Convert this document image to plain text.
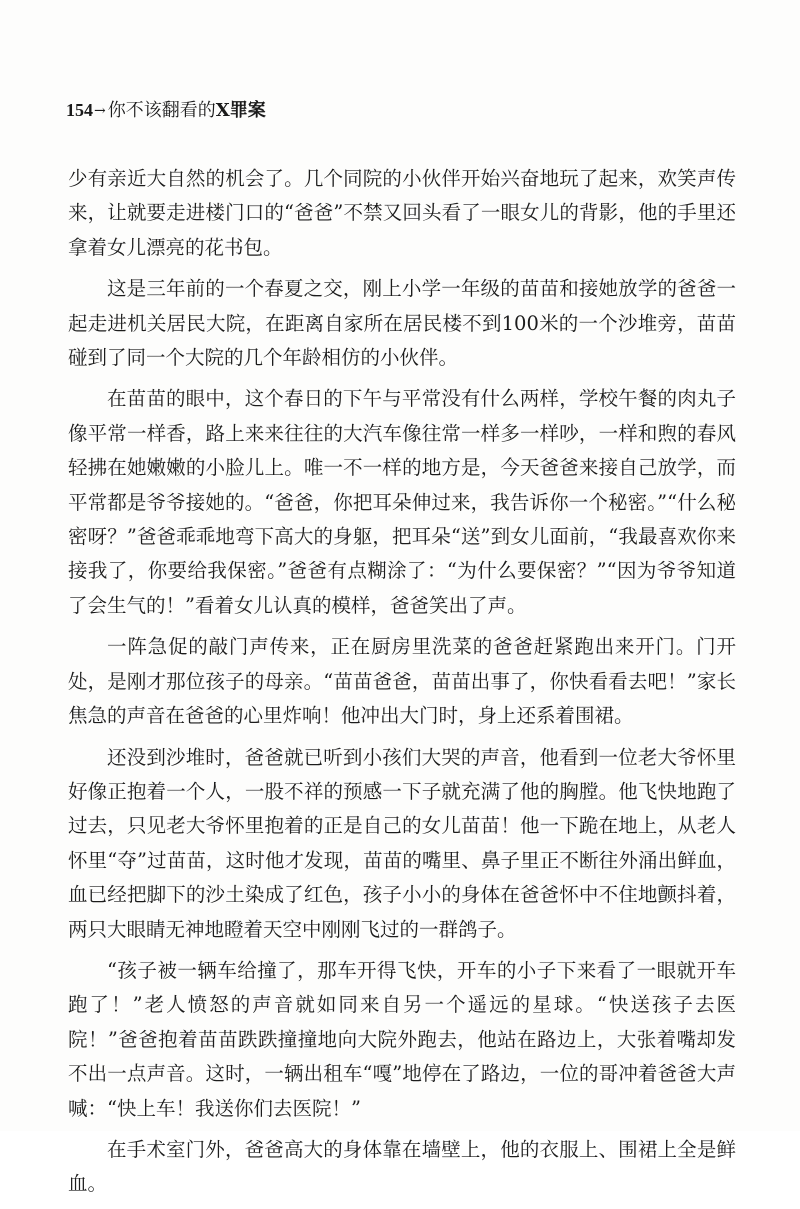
154→ 你不该翻看的X罪案

少有亲近大自然的机会了。几个同院的小伙伴开始兴奋地玩了起来，欢笑声传来，让就要走进楼门口的“爸爸”不禁又回头看了一眼女儿的背影，他的手里还拿着女儿漂亮的花书包。

这是三年前的一个春夏之交，刚上小学一年级的苗苗和接她放学的爸爸一起走进机关居民大院，在距离自家所在居民楼不到100米的一个沙堆旁，苗苗碰到了同一个大院的几个年龄相仿的小伙伴。

在苗苗的眼中，这个春日的下午与平常没有什么两样，学校午餐的肉丸子像平常一样香，路上来来往往的大汽车像往常一样多一样吵，一样和煦的春风轻拂在她嫩嫩的小脸儿上。唯一不一样的地方是，今天爸爸来接自己放学，而平常都是爷爷接她的。“爸爸，你把耳朵伸过来，我告诉你一个秘密。”“什么秘密呀？”爸爸乖乖地弯下高大的身躯，把耳朵“送”到女儿面前，“我最喜欢你来接我了，你要给我保密。”爸爸有点糊涂了：“为什么要保密？”“因为爷爷知道了会生气的！”看着女儿认真的模样，爸爸笑出了声。

一阵急促的敲门声传来，正在厨房里洗菜的爸爸赶紧跑出来开门。门开处，是刚才那位孩子的母亲。“苗苗爸爸，苗苗出事了，你快看看去吧！”家长焦急的声音在爸爸的心里炸响！他冲出大门时，身上还系着围裙。

还没到沙堆时，爸爸就已听到小孩们大哭的声音，他看到一位老大爷怀里好像正抱着一个人，一股不祥的预感一下子就充满了他的胸膛。他飞快地跑了过去，只见老大爷怀里抱着的正是自己的女儿苗苗！他一下跪在地上，从老人怀里“夺”过苗苗，这时他才发现，苗苗的嘴里、鼻子里正不断往外涌出鲜血，血已经把脚下的沙土染成了红色，孩子小小的身体在爸爸怀中不住地颤抖着，两只大眼睛无神地瞪着天空中刚刚飞过的一群鸽子。

“孩子被一辆车给撞了，那车开得飞快，开车的小子下来看了一眼就开车跑了！”老人愤怒的声音就如同来自另一个遥远的星球。“快送孩子去医院！”爸爸抱着苗苗跌跌撞撞地向大院外跑去，他站在路边上，大张着嘴却发不出一点声音。这时，一辆出租车“嘎”地停在了路边，一位的哥冲着爸爸大声喊：“快上车！我送你们去医院！”

在手术室门外，爸爸高大的身体靠在墙壁上，他的衣服上、围裙上全是鲜血。
